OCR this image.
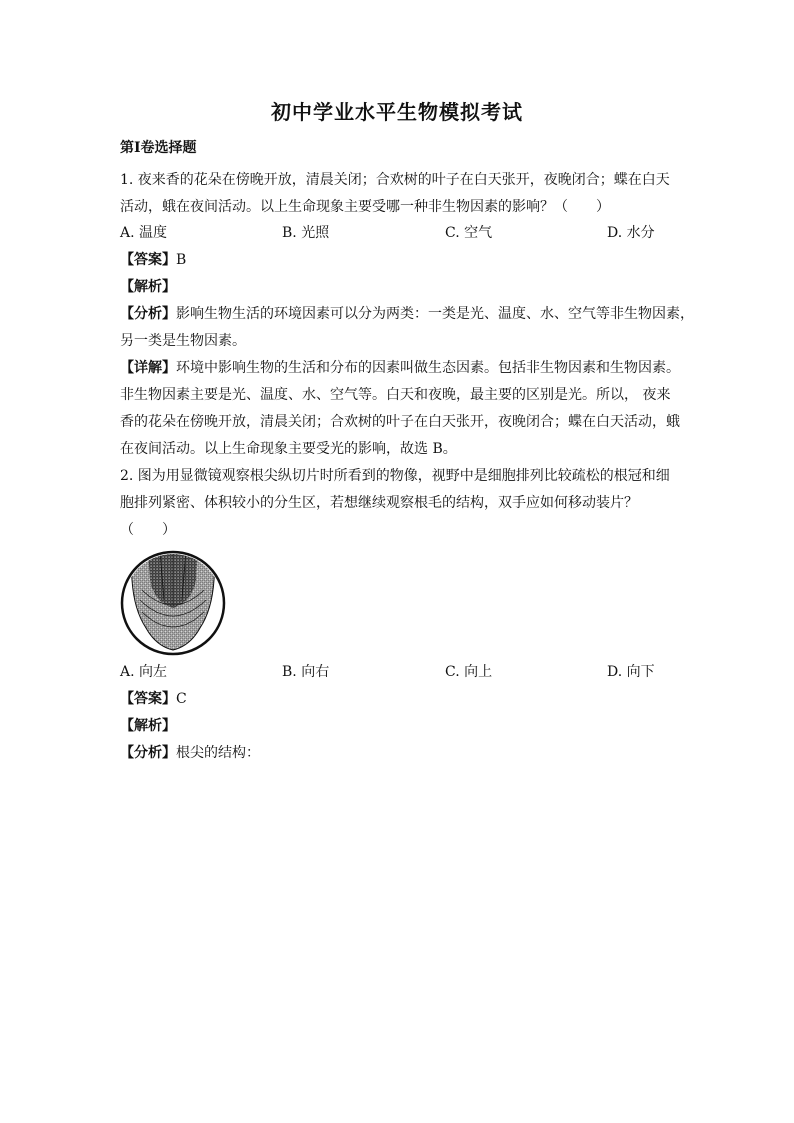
初中学业水平生物模拟考试
第Ⅰ卷选择题
1. 夜来香的花朵在傍晚开放，清晨关闭；合欢树的叶子在白天张开，夜晚闭合；蝶在白天
活动，蛾在夜间活动。以上生命现象主要受哪一种非生物因素的影响？（　　）
A. 温度	B. 光照	C. 空气	D. 水分
【答案】B
【解析】
【分析】影响生物生活的环境因素可以分为两类：一类是光、温度、水、空气等非生物因素，
另一类是生物因素。
【详解】环境中影响生物的生活和分布的因素叫做生态因素。包括非生物因素和生物因素。
非生物因素主要是光、温度、水、空气等。白天和夜晚，最主要的区别是光。所以， 夜来
香的花朵在傍晚开放，清晨关闭；合欢树的叶子在白天张开，夜晚闭合；蝶在白天活动，蛾
在夜间活动。以上生命现象主要受光的影响，故选 B。
2. 图为用显微镜观察根尖纵切片时所看到的物像，视野中是细胞排列比较疏松的根冠和细
胞排列紧密、体积较小的分生区，若想继续观察根毛的结构，双手应如何移动装片？
（　　）
A. 向左	B. 向右	C. 向上	D. 向下
【答案】C
【解析】
【分析】根尖的结构：
